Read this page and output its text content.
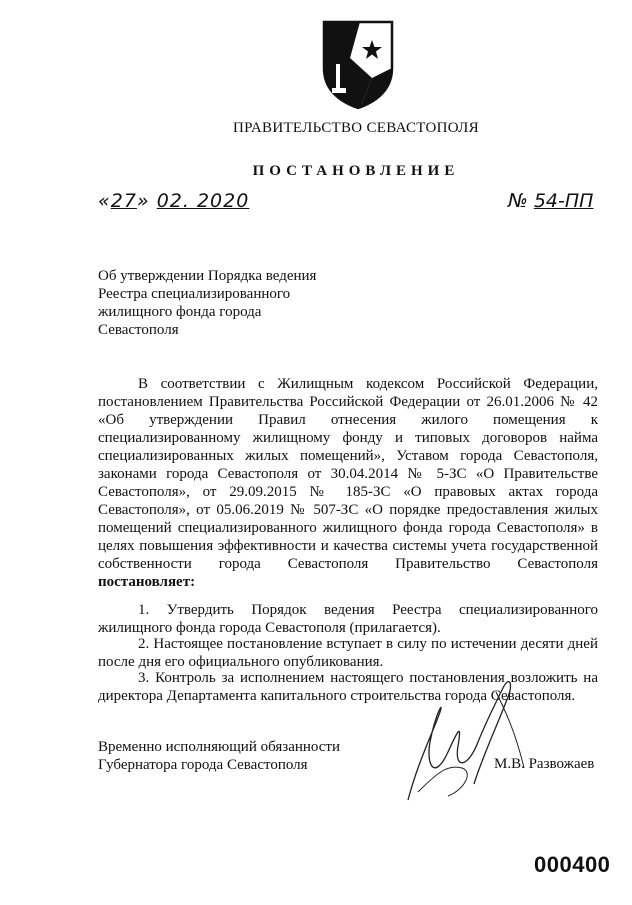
ПРАВИТЕЛЬСТВО СЕВАСТОПОЛЯ
ПОСТАНОВЛЕНИЕ
«27» 02. 2020	№ 54-ПП
Об утверждении Порядка ведения
Реестра специализированного
жилищного фонда города
Севастополя
В соответствии с Жилищным кодексом Российской Федерации, постановлением Правительства Российской Федерации от 26.01.2006 № 42 «Об утверждении Правил отнесения жилого помещения к специализированному жилищному фонду и типовых договоров найма специализированных жилых помещений», Уставом города Севастополя, законами города Севастополя от 30.04.2014 № 5-ЗС «О Правительстве Севастополя», от 29.09.2015 № 185-ЗС «О правовых актах города Севастополя», от 05.06.2019 № 507-ЗС «О порядке предоставления жилых помещений специализированного жилищного фонда города Севастополя» в целях повышения эффективности и качества системы учета государственной собственности города Севастополя Правительство Севастополя постановляет:
1. Утвердить Порядок ведения Реестра специализированного жилищного фонда города Севастополя (прилагается).
2. Настоящее постановление вступает в силу по истечении десяти дней после дня его официального опубликования.
3. Контроль за исполнением настоящего постановления возложить на директора Департамента капитального строительства города Севастополя.
Временно исполняющий обязанности
Губернатора города Севастополя	М.В. Развожаев
000400
